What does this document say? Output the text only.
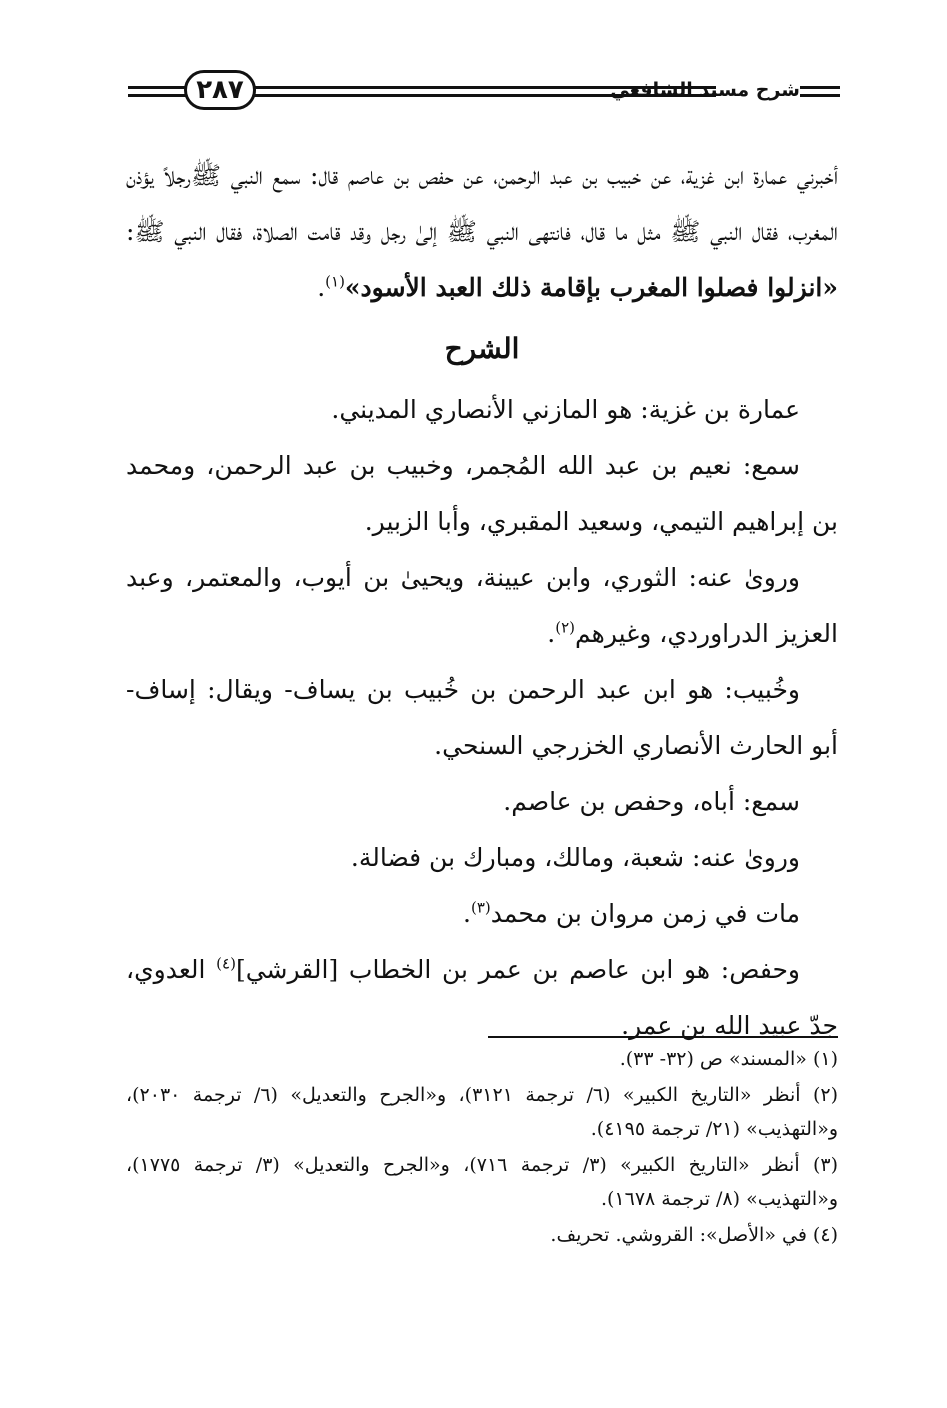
٢٨٧	شرح مسند الشافعي

أخبرني عمارة ابن غزية، عن خبيب بن عبد الرحمن، عن حفص بن عاصم قال: سمع النبي ﷺرجلاً يؤذن المغرب، فقال النبي ﷺ مثل ما قال، فانتهى النبي ﷺ إلىٰ رجل وقد قامت الصلاة، فقال النبي ﷺ: «انزلوا فصلوا المغرب بإقامة ذلك العبد الأسود»$^{(١)}$.

الشرح

عمارة بن غزية: هو المازني الأنصاري المديني.

سمع: نعيم بن عبد الله المُجمر، وخبيب بن عبد الرحمن، ومحمد بن إبراهيم التيمي، وسعيد المقبري، وأبا الزبير.

وروىٰ عنه: الثوري، وابن عيينة، ويحيىٰ بن أيوب، والمعتمر، وعبد العزيز الدراوردي، وغيرهم$^{(٢)}$.

وخُبيب: هو ابن عبد الرحمن بن خُبيب بن يساف- ويقال: إساف- أبو الحارث الأنصاري الخزرجي السنحي.

سمع: أباه، وحفص بن عاصم.

وروىٰ عنه: شعبة، ومالك، ومبارك بن فضالة.

مات في زمن مروان بن محمد$^{(٣)}$.

وحفص: هو ابن عاصم بن عمر بن الخطاب [القرشي]$^{(٤)}$ العدوي، جدّ عبيد الله بن عمر.

(١) «المسند» ص (٣٢- ٣٣).

(٢) أنظر «التاريخ الكبير» (٦/ ترجمة ٣١٢١)، و«الجرح والتعديل» (٦/ ترجمة ٢٠٣٠)، و«التهذيب» (٢١/ ترجمة ٤١٩٥).

(٣) أنظر «التاريخ الكبير» (٣/ ترجمة ٧١٦)، و«الجرح والتعديل» (٣/ ترجمة ١٧٧٥)، و«التهذيب» (٨/ ترجمة ١٦٧٨).

(٤) في «الأصل»: القروشي. تحريف.
